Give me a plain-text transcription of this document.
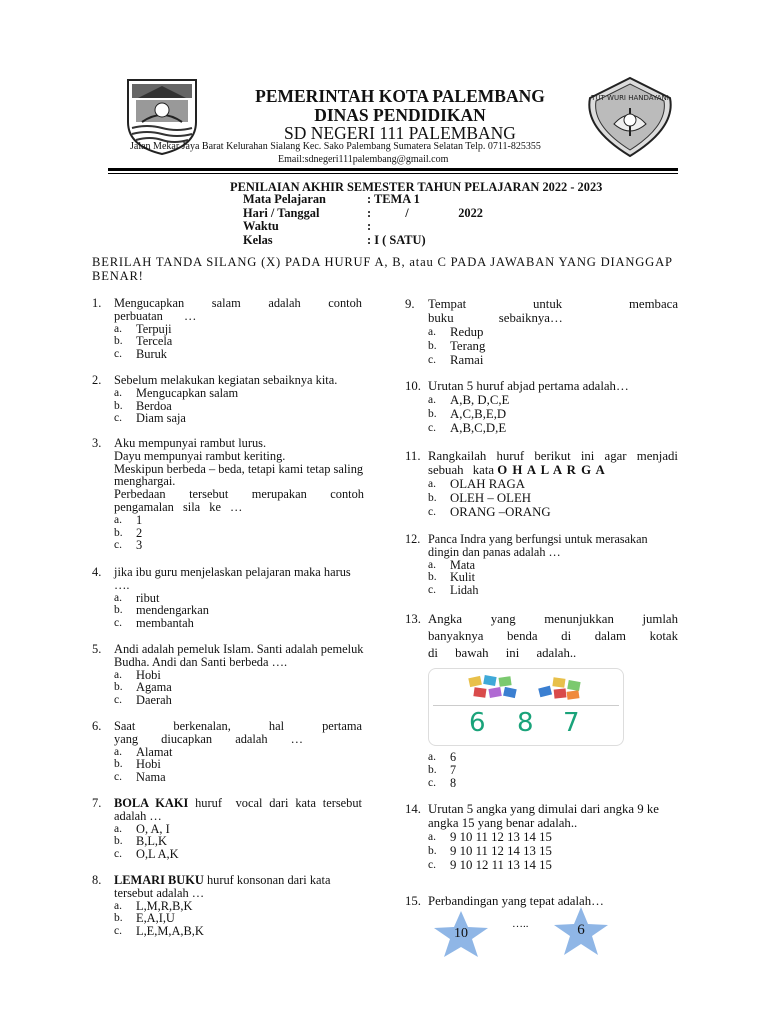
TUT WURI HANDAYANI
PEMERINTAH KOTA PALEMBANG
DINAS PENDIDIKAN
SD NEGERI 111 PALEMBANG
Jalan Mekar Jaya Barat Kelurahan Sialang Kec. Sako Palembang Sumatera Selatan Telp. 0711-825355
Email:sdnegeri111palembang@gmail.com
PENILAIAN AKHIR SEMESTER TAHUN PELAJARAN 2022 - 2023
Mata Pelajaran	: TEMA 1
Hari / Tanggal	:           /                2022
Waktu	:
Kelas	: I ( SATU)
BERILAH TANDA SILANG (X) PADA HURUF A, B, atau C PADA JAWABAN YANG DIANGGAP BENAR!
1.	Mengucapkan salam adalah contoh perbuatan …
a.	Terpuji
b.	Tercela
c.	Buruk
2.	Sebelum melakukan kegiatan sebaiknya kita.
a.	Mengucapkan salam
b.	Berdoa
c.	Diam saja
3.	Aku mempunyai rambut lurus.
Dayu mempunyai rambut keriting.
Meskipun berbeda – beda, tetapi kami tetap saling menghargai.
Perbedaan tersebut merupakan contoh pengamalan sila ke …
a.	1
b.	2
c.	3
4.	jika ibu guru menjelaskan pelajaran maka harus ….
a.	ribut
b.	mendengarkan
c.	membantah
5.	Andi adalah pemeluk Islam. Santi adalah pemeluk Budha. Andi dan Santi berbeda ….
a.	Hobi
b.	Agama
c.	Daerah
6.	Saat berkenalan, hal pertama yang diucapkan adalah …
a.	Alamat
b.	Hobi
c.	Nama
7.	BOLA KAKI huruf  vocal dari kata tersebut adalah …
a.	O, A, I
b.	B,L,K
c.	O,L A,K
8.	LEMARI BUKU huruf konsonan dari kata tersebut adalah …
a.	L,M,R,B,K
b.	E,A,I,U
c.	L,E,M,A,B,K
9.	Tempat untuk membaca buku sebaiknya…
a.	Redup
b.	Terang
c.	Ramai
10. Urutan 5 huruf abjad pertama adalah…
a.	A,B, D,C,E
b.	A,C,B,E,D
c.	A,B,C,D,E
11. Rangkailah huruf berikut ini agar menjadi sebuah kata O H A L A R G A
a.	OLAH RAGA
b.	OLEH – OLEH
c.	ORANG –ORANG
12. Panca Indra yang berfungsi untuk merasakan dingin dan panas adalah …
a.	Mata
b.	Kulit
c.	Lidah
13. Angka yang menunjukkan jumlah banyaknya benda di dalam kotak di bawah ini adalah..
6 8 7
a.	6
b.	7
c.	8
14. Urutan 5 angka yang dimulai dari angka 9 ke angka 15 yang benar adalah..
a.	9 10 11 12 13 14 15
b.	9 10 11 12 14 13 15
c.	9 10 12 11 13 14 15
15. Perbandingan yang tepat adalah…
10
…..	6
